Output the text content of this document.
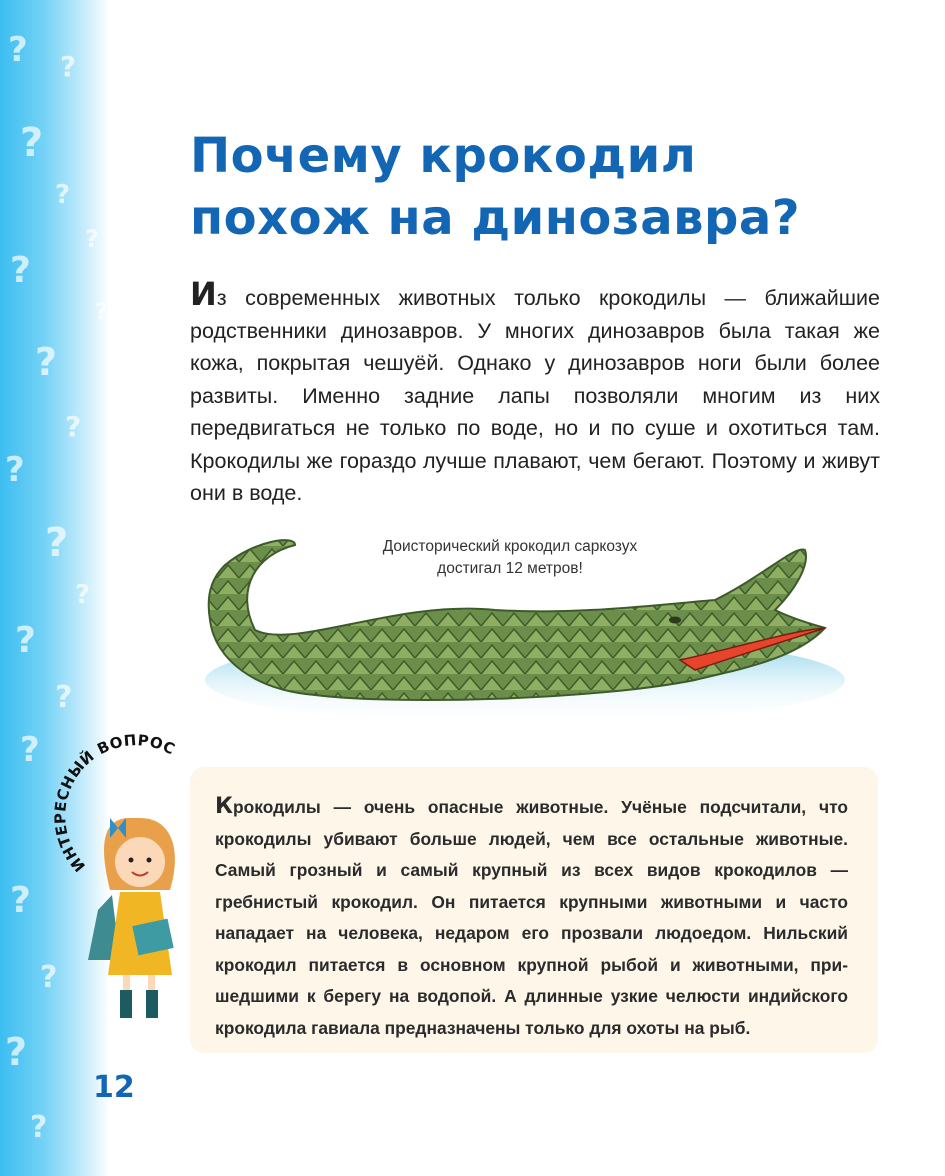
? ?
?
?
?
?
?
?
?
?
?
?
?
?
?
?
?
?
?
Почему крокодил
похож на динозавра?

Из современных животных только крокодилы — ближайшие родственники динозавров. У многих динозавров была такая же кожа, покрытая чешуёй. Однако у динозавров ноги были более развиты. Именно задние лапы позволяли многим из них передвигаться не только по воде, но и по суше и охотиться там. Крокодилы же гораздо лучше плавают, чем бегают. Поэтому и живут они в воде.

Доисторический крокодил саркозух
достигал 12 метров!
ИНТЕРЕСНЫЙ ВОПРОС

Крокодилы — очень опасные животные. Учёные подсчитали, что крокодилы убивают больше людей, чем все остальные животные. Самый грозный и самый крупный из всех видов крокодилов — гребнистый крокодил. Он питается крупными животными и часто нападает на человека, недаром его прозвали людоедом. Нильский крокодил питается в основном крупной рыбой и животными, пришедшими к берегу на водопой. А длинные узкие челюсти индийского крокодила гавиала предназначены только для охоты на рыб.

12
